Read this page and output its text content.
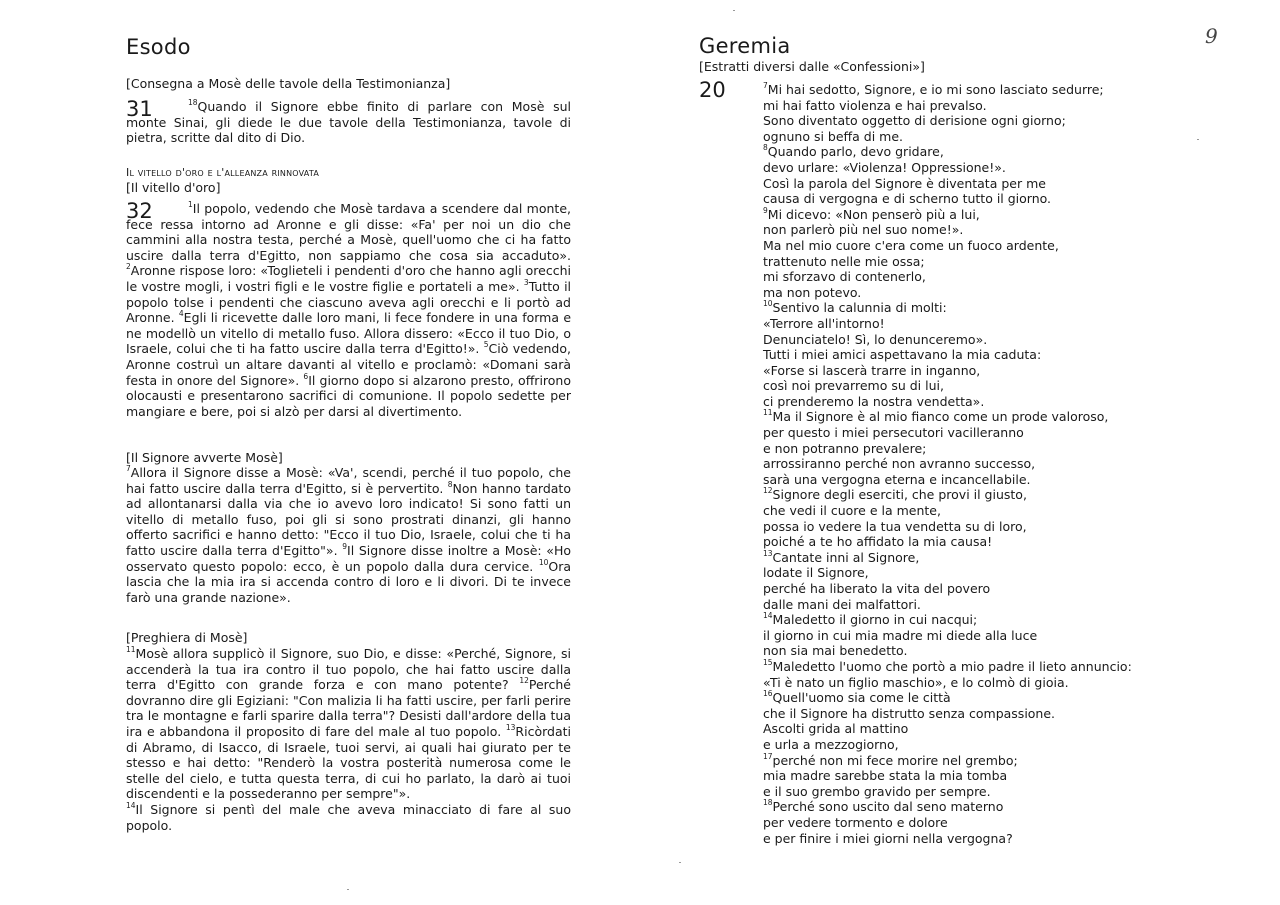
Esodo
[Consegna a Mosè delle tavole della Testimonianza]
31	$^{18}$Quando il Signore ebbe finito di parlare con Mosè sul monte Sinai, gli diede le due tavole della Testimonianza, tavole di pietra, scritte dal dito di Dio.

Il vitello d'oro e l'alleanza rinnovata
[Il vitello d'oro]
32	$^1$Il popolo, vedendo che Mosè tardava a scendere dal monte, fece ressa intorno ad Aronne e gli disse: «Fa' per noi un dio che cammini alla nostra testa, perché a Mosè, quell'uomo che ci ha fatto uscire dalla terra d'Egitto, non sappiamo che cosa sia accaduto». $^2$Aronne rispose loro: «Toglieteli i pendenti d'oro che hanno agli orecchi le vostre mogli, i vostri figli e le vostre figlie e portateli a me». $^3$Tutto il popolo tolse i pendenti che ciascuno aveva agli orecchi e li portò ad Aronne. $^4$Egli li ricevette dalle loro mani, li fece fondere in una forma e ne modellò un vitello di metallo fuso. Allora dissero: «Ecco il tuo Dio, o Israele, colui che ti ha fatto uscire dalla terra d'Egitto!». $^5$Ciò vedendo, Aronne costruì un altare davanti al vitello e proclamò: «Domani sarà festa in onore del Signore». $^6$Il giorno dopo si alzarono presto, offrirono olocausti e presentarono sacrifici di comunione. Il popolo sedette per mangiare e bere, poi si alzò per darsi al divertimento.

[Il Signore avverte Mosè]

$^7$Allora il Signore disse a Mosè: «Va', scendi, perché il tuo popolo, che hai fatto uscire dalla terra d'Egitto, si è pervertito. $^8$Non hanno tardato ad allontanarsi dalla via che io avevo loro indicato! Si sono fatti un vitello di metallo fuso, poi gli si sono prostrati dinanzi, gli hanno offerto sacrifici e hanno detto: "Ecco il tuo Dio, Israele, colui che ti ha fatto uscire dalla terra d'Egitto"». $^9$Il Signore disse inoltre a Mosè: «Ho osservato questo popolo: ecco, è un popolo dalla dura cervice. $^{10}$Ora lascia che la mia ira si accenda contro di loro e li divori. Di te invece farò una grande nazione».

[Preghiera di Mosè]

$^{11}$Mosè allora supplicò il Signore, suo Dio, e disse: «Perché, Signore, si accenderà la tua ira contro il tuo popolo, che hai fatto uscire dalla terra d'Egitto con grande forza e con mano potente? $^{12}$Perché dovranno dire gli Egiziani: "Con malizia li ha fatti uscire, per farli perire tra le montagne e farli sparire dalla terra"? Desisti dall'ardore della tua ira e abbandona il proposito di fare del male al tuo popolo. $^{13}$Ricòrdati di Abramo, di Isacco, di Israele, tuoi servi, ai quali hai giurato per te stesso e hai detto: "Renderò la vostra posterità numerosa come le stelle del cielo, e tutta questa terra, di cui ho parlato, la darò ai tuoi discendenti e la possederanno per sempre"».

$^{14}$Il Signore si pentì del male che aveva minacciato di fare al suo popolo.

Geremia
[Estratti diversi dalle «Confessioni»]
20	$^7$Mi hai sedotto, Signore, e io mi sono lasciato sedurre;
mi hai fatto violenza e hai prevalso.
Sono diventato oggetto di derisione ogni giorno;
ognuno si beffa di me.
$^8$Quando parlo, devo gridare,
devo urlare: «Violenza! Oppressione!».
Così la parola del Signore è diventata per me
causa di vergogna e di scherno tutto il giorno.
$^9$Mi dicevo: «Non penserò più a lui,
non parlerò più nel suo nome!».
Ma nel mio cuore c'era come un fuoco ardente,
trattenuto nelle mie ossa;
mi sforzavo di contenerlo,
ma non potevo.
$^{10}$Sentivo la calunnia di molti:
«Terrore all'intorno!
Denunciatelo! Sì, lo denunceremo».
Tutti i miei amici aspettavano la mia caduta:
«Forse si lascerà trarre in inganno,
così noi prevarremo su di lui,
ci prenderemo la nostra vendetta».
$^{11}$Ma il Signore è al mio fianco come un prode valoroso,
per questo i miei persecutori vacilleranno
e non potranno prevalere;
arrossiranno perché non avranno successo,
sarà una vergogna eterna e incancellabile.
$^{12}$Signore degli eserciti, che provi il giusto,
che vedi il cuore e la mente,
possa io vedere la tua vendetta su di loro,
poiché a te ho affidato la mia causa!
$^{13}$Cantate inni al Signore,
lodate il Signore,
perché ha liberato la vita del povero
dalle mani dei malfattori.
$^{14}$Maledetto il giorno in cui nacqui;
il giorno in cui mia madre mi diede alla luce
non sia mai benedetto.
$^{15}$Maledetto l'uomo che portò a mio padre il lieto annuncio:
«Ti è nato un figlio maschio», e lo colmò di gioia.
$^{16}$Quell'uomo sia come le città
che il Signore ha distrutto senza compassione.
Ascolti grida al mattino
e urla a mezzogiorno,
$^{17}$perché non mi fece morire nel grembo;
mia madre sarebbe stata la mia tomba
e il suo grembo gravido per sempre.
$^{18}$Perché sono uscito dal seno materno
per vedere tormento e dolore
e per finire i miei giorni nella vergogna?
9
